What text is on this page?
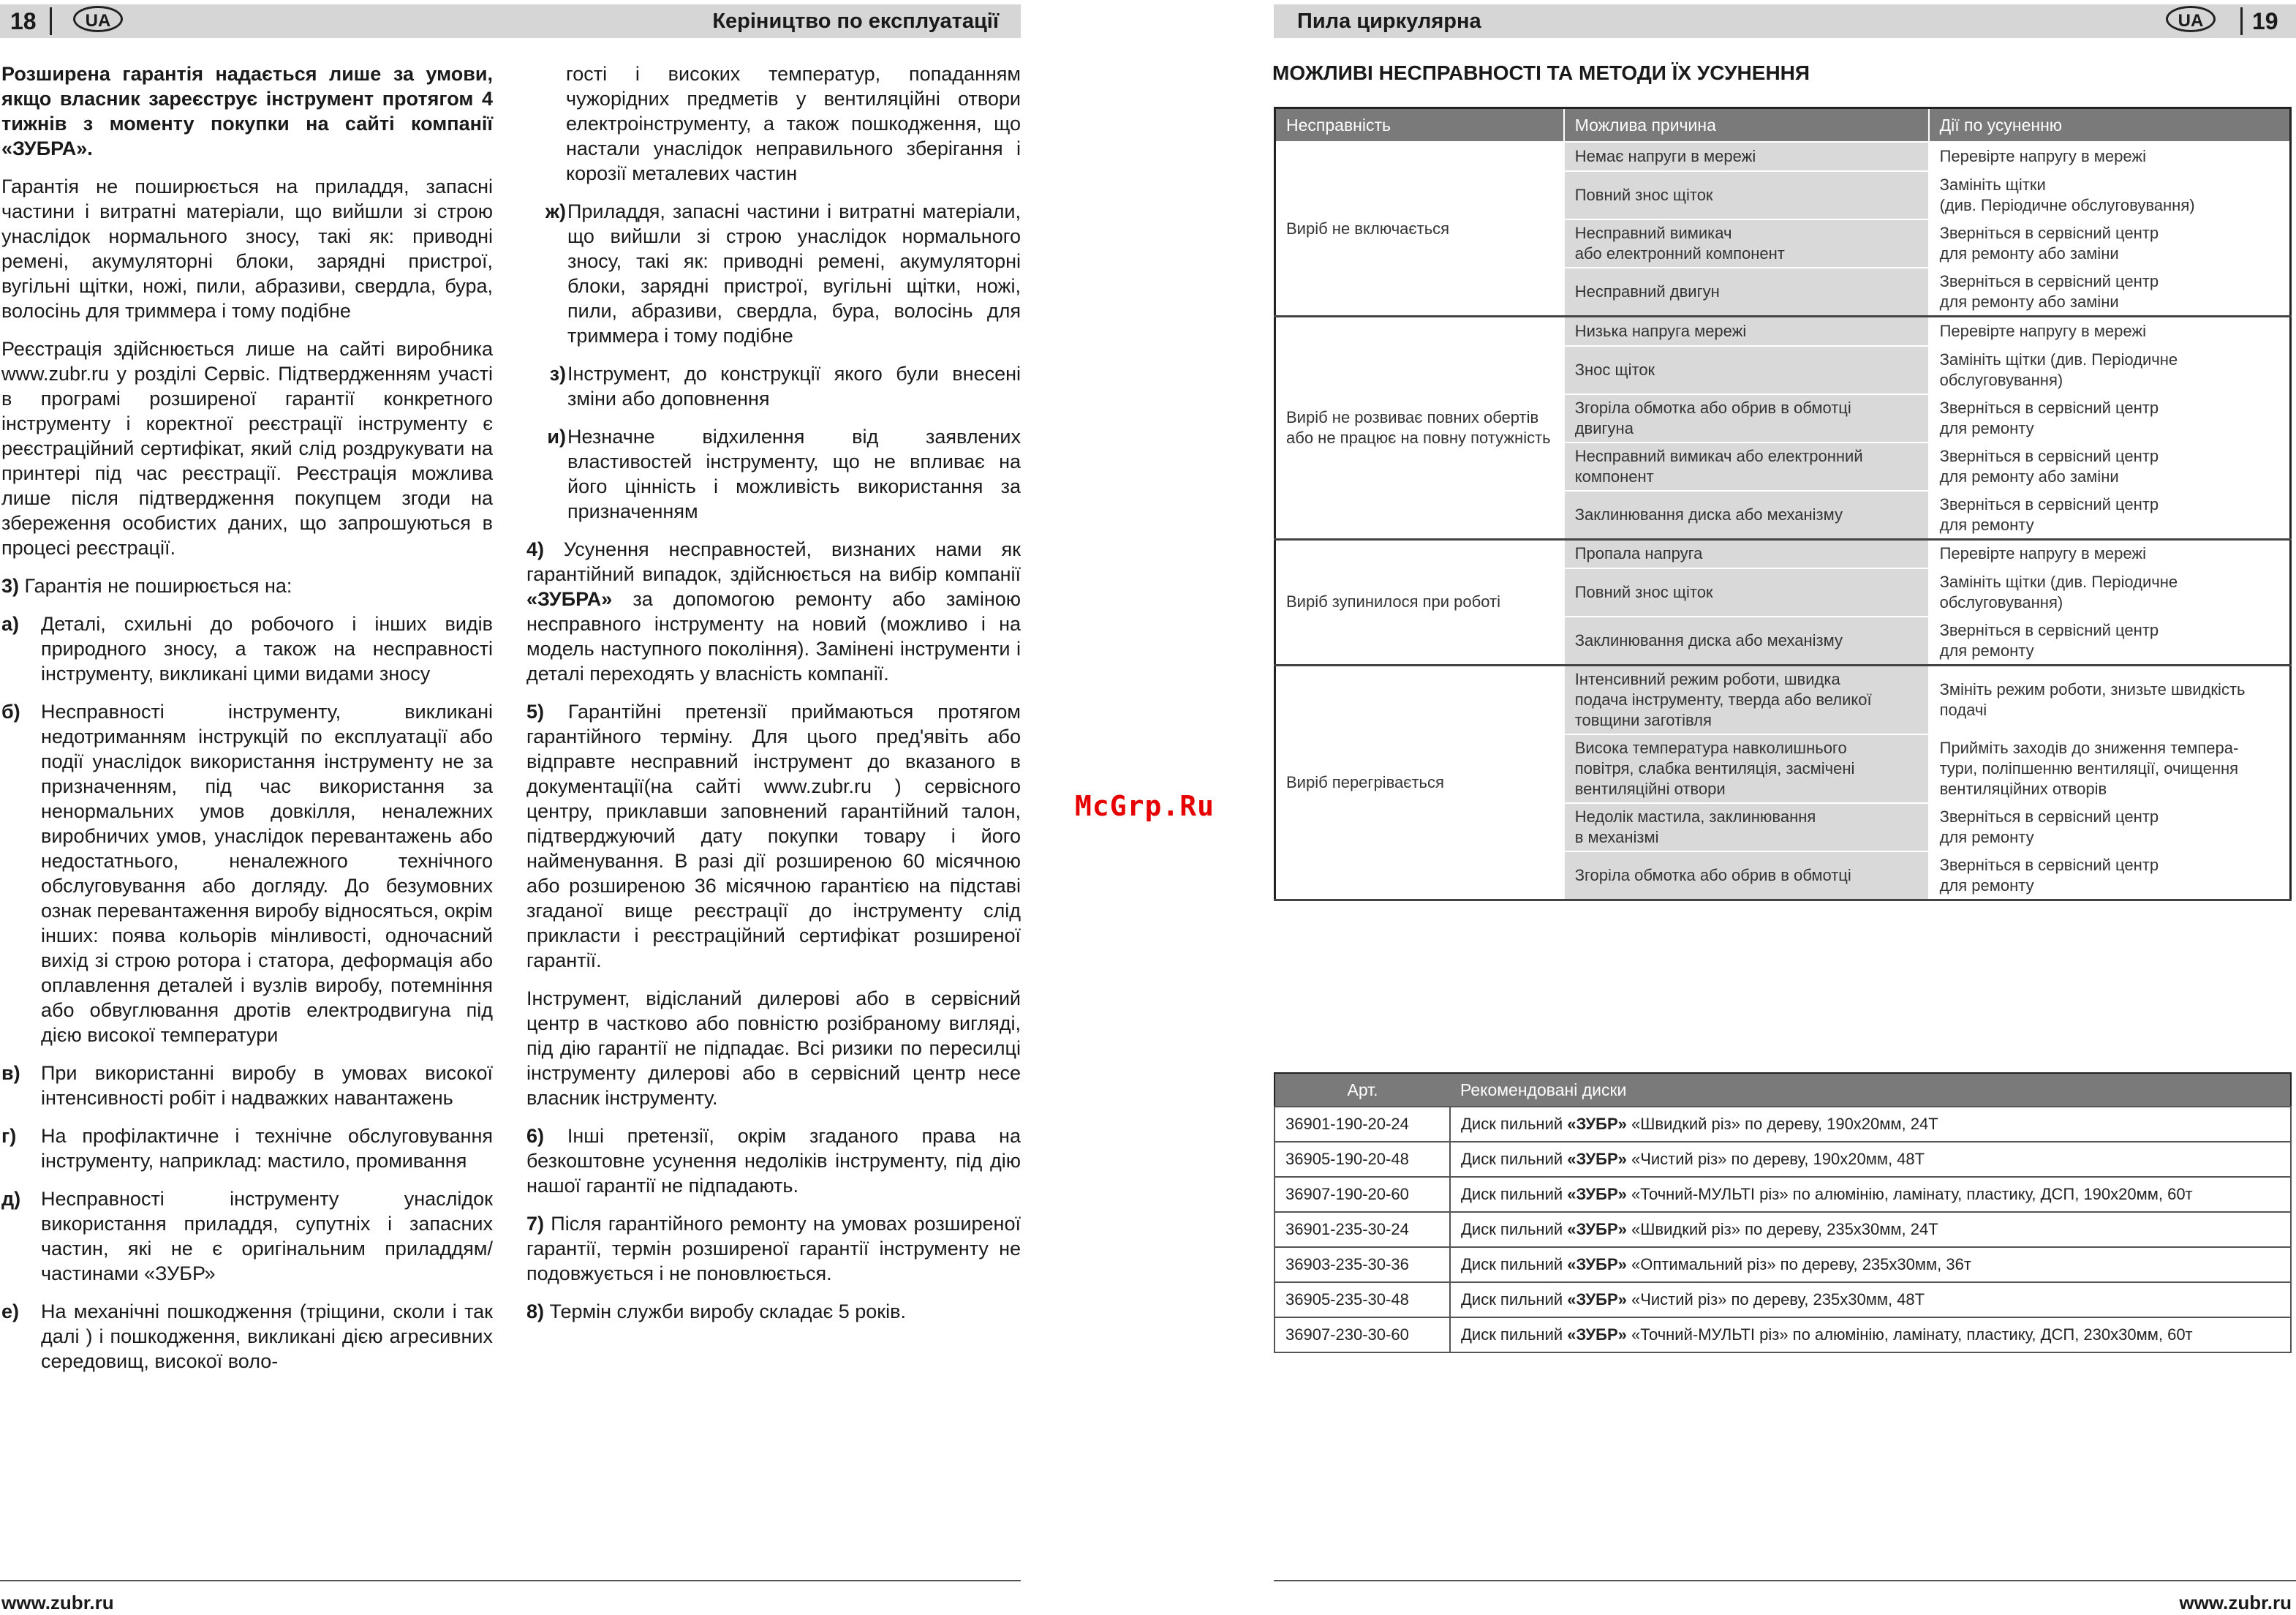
18	UA	Керіництво по експлуатації

Розширена гарантія надається лише за умови, якщо власник зареєструє інструмент протягом 4 тижнів з моменту покупки на сайті компанії «ЗУБРА».

Гарантія не поширюється на приладдя, запасні частини і витратні матеріали, що вийшли зі строю унаслідок нормального зносу, такі як: приводні ремені, акумуляторні блоки, зарядні пристрої, вугільні щітки, ножі, пили, абразиви, свердла, бура, волосінь для триммера і тому подібне

Реєстрація здійснюється лише на сайті виробника www.zubr.ru у розділі Сервіс. Підтвердженням участі в програмі розширеної гарантії конкретного інструменту і коректної реєстрації інструменту є реєстраційний сертифікат, який слід роздрукувати на принтері під час реєстрації. Реєстрація можлива лише після підтвердження покупцем згоди на збереження особистих даних, що запрошуються в процесі реєстрації.

3) Гарантія не поширюється на:

а)	Деталі, схильні до робочого і інших видів природного зносу, а також на несправності інструменту, викликані цими видами зносу
б)	Несправності інструменту, викликані недотриманням інструкцій по експлуатації або події унаслідок використання інструменту не за призначенням, під час використання за ненормальних умов довкілля, неналежних виробничих умов, унаслідок перевантажень або недостатнього, неналежного технічного обслуговування або догляду. До безумовних ознак перевантаження виробу відносяться, окрім інших: поява кольорів мінливості, одночасний вихід зі строю ротора і статора, деформація або оплавлення деталей і вузлів виробу, потемніння або обвуглювання дротів електродвигуна під дією високої температури
в)	При використанні виробу в умовах високої інтенсивності робіт і надважких навантажень
г)	На профілактичне і технічне обслуговування інструменту, наприклад: мастило, промивання
д)	Несправності інструменту унаслідок використання приладдя, супутніх і запасних частин, які не є оригінальним приладдям/частинами «ЗУБР»
е)	На механічні пошкодження (тріщини, сколи і так далі ) і пошкодження, викликані дією агресивних середовищ, високої воло-

гості і високих температур, попаданням чужорідних предметів у вентиляційні отвори електроінструменту, а також пошкодження, що настали унаслідок неправильного зберігання і корозії металевих частин

ж) Приладдя, запасні частини і витратні матеріали, що вийшли зі строю унаслідок нормального зносу, такі як: приводні ремені, акумуляторні блоки, зарядні пристрої, вугільні щітки, ножі, пили, абразиви, свердла, бура, волосінь для триммера і тому подібне
з) Інструмент, до конструкції якого були внесені зміни або доповнення
и) Незначне відхилення від заявлених властивостей інструменту, що не впливає на його цінність і можливість використання за призначенням

4) Усунення несправностей, визнаних нами як гарантійний випадок, здійснюється на вибір компанії «ЗУБРА» за допомогою ремонту або заміною несправного інструменту на новий (можливо і на модель наступного покоління). Замінені інструменти і деталі переходять у власність компанії.

5) Гарантійні претензії приймаються протягом гарантійного терміну. Для цього пред'явіть або відправте несправний інструмент до вказаного в документації(на сайті www.zubr.ru ) сервісного центру, приклавши заповнений гарантійний талон, підтверджуючий дату покупки товару і його найменування. В разі дії розширеною 60 місячною або розширеною 36 місячною гарантією на підставі згаданої вище реєстрації до інструменту слід прикласти і реєстраційний сертифікат розширеної гарантії.

Інструмент, відісланий дилерові або в сервісний центр в частково або повністю розібраному вигляді, під дію гарантії не підпадає. Всі ризики по пересилці інструменту дилерові або в сервісний центр несе власник інструменту.

6) Інші претензії, окрім згаданого права на безкоштовне усунення недоліків інструменту, під дію нашої гарантії не підпадають.

7) Після гарантійного ремонту на умовах розширеної гарантії, термін розширеної гарантії інструменту не подовжується і не поновлюється.

8) Термін служби виробу складає 5 років.

www.zubr.ru
McGrp.Ru
Пила циркулярна	UA	19
МОЖЛИВІ НЕСПРАВНОСТІ ТА МЕТОДИ ЇХ УСУНЕННЯ
Несправність	Можлива причина	Дії по усуненню
Виріб не включається	Немає напруги в мережі	Перевірте напругу в мережі
	Повний знос щіток	Замініть щітки
(див. Періодичне обслуговування)
	Несправний вимикач
або електронний компонент	Зверніться в сервісний центр
для ремонту або заміни
	Несправний двигун	Зверніться в сервісний центр
для ремонту або заміни
Виріб не розвиває повних обертів або не працює на повну потужність	Низька напруга мережі	Перевірте напругу в мережі
	Знос щіток	Замініть щітки (див. Періодичне
обслуговування)
	Згоріла обмотка або обрив в обмотці
двигуна	Зверніться в сервісний центр
для ремонту
	Несправний вимикач або електронний
компонент	Зверніться в сервісний центр
для ремонту або заміни
	Заклинювання диска або механізму	Зверніться в сервісний центр
для ремонту
Виріб зупинилося при роботі	Пропала напруга	Перевірте напругу в мережі
	Повний знос щіток	Замініть щітки (див. Періодичне
обслуговування)
	Заклинювання диска або механізму	Зверніться в сервісний центр
для ремонту
Виріб перегрівається	Інтенсивний режим роботи, швидка
подача інструменту, тверда або великої
товщини заготівля	Змініть режим роботи, знизьте швидкість
подачі
	Висока температура навколишнього
повітря, слабка вентиляція, засмічені
вентиляційні отвори	Прийміть заходів до зниження темпера-
тури, поліпшенню вентиляції, очищення
вентиляційних отворів
	Недолік мастила, заклинювання
в механізмі	Зверніться в сервісний центр
для ремонту
	Згоріла обмотка або обрив в обмотці	Зверніться в сервісний центр
для ремонту
Арт.	Рекомендовані диски
36901-190-20-24	Диск пильний «ЗУБР» «Швидкий різ» по дереву, 190х20мм, 24Т
36905-190-20-48	Диск пильний «ЗУБР» «Чистий різ» по дереву, 190х20мм, 48Т
36907-190-20-60	Диск пильний «ЗУБР» «Точний-МУЛЬТІ різ» по алюмінію, ламінату, пластику, ДСП, 190х20мм, 60т
36901-235-30-24	Диск пильний «ЗУБР» «Швидкий різ» по дереву, 235х30мм, 24Т
36903-235-30-36	Диск пильний «ЗУБР» «Оптимальний різ» по дереву, 235х30мм, 36т
36905-235-30-48	Диск пильний «ЗУБР» «Чистий різ» по дереву, 235х30мм, 48Т
36907-230-30-60	Диск пильний «ЗУБР» «Точний-МУЛЬТІ різ» по алюмінію, ламінату, пластику, ДСП, 230х30мм, 60т
www.zubr.ru
